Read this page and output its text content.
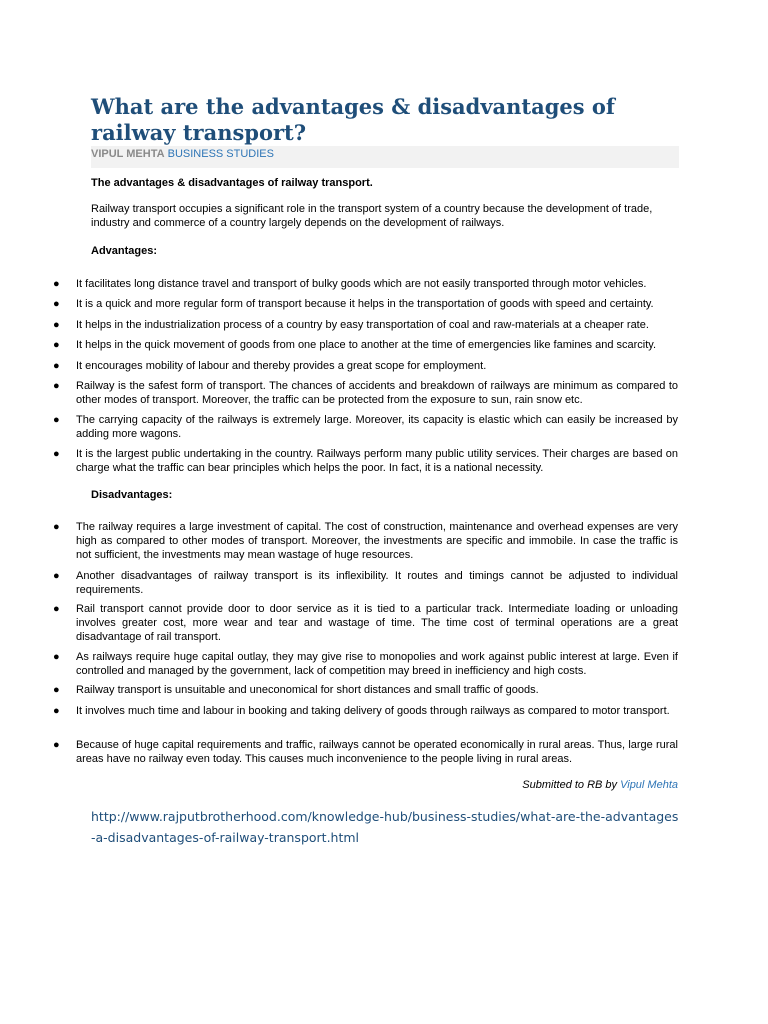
What are the advantages & disadvantages of railway transport?
VIPUL MEHTA BUSINESS STUDIES
The advantages & disadvantages of railway transport.

Railway transport occupies a significant role in the transport system of a country because the development of trade, industry and commerce of a country largely depends on the development of railways.

Advantages:
● It facilitates long distance travel and transport of bulky goods which are not easily transported through motor vehicles.
● It is a quick and more regular form of transport because it helps in the transportation of goods with speed and certainty.
● It helps in the industrialization process of a country by easy transportation of coal and raw-materials at a cheaper rate.
● It helps in the quick movement of goods from one place to another at the time of emergencies like famines and scarcity.
● It encourages mobility of labour and thereby provides a great scope for employment.
● Railway is the safest form of transport. The chances of accidents and breakdown of railways are minimum as compared to other modes of transport. Moreover, the traffic can be protected from the exposure to sun, rain snow etc.
● The carrying capacity of the railways is extremely large. Moreover, its capacity is elastic which can easily be increased by adding more wagons.
● It is the largest public undertaking in the country. Railways perform many public utility services. Their charges are based on charge what the traffic can bear principles which helps the poor. In fact, it is a national necessity.
Disadvantages:
● The railway requires a large investment of capital. The cost of construction, maintenance and overhead expenses are very high as compared to other modes of transport. Moreover, the investments are specific and immobile. In case the traffic is not sufficient, the investments may mean wastage of huge resources.
● Another disadvantages of railway transport is its inflexibility. It routes and timings cannot be adjusted to individual requirements.
● Rail transport cannot provide door to door service as it is tied to a particular track. Intermediate loading or unloading involves greater cost, more wear and tear and wastage of time. The time cost of terminal operations are a great disadvantage of rail transport.
● As railways require huge capital outlay, they may give rise to monopolies and work against public interest at large. Even if controlled and managed by the government, lack of competition may breed in inefficiency and high costs.
● Railway transport is unsuitable and uneconomical for short distances and small traffic of goods.
● It involves much time and labour in booking and taking delivery of goods through railways as compared to motor transport.
● Because of huge capital requirements and traffic, railways cannot be operated economically in rural areas. Thus, large rural areas have no railway even today. This causes much inconvenience to the people living in rural areas.
Submitted to RB by Vipul Mehta
http://www.rajputbrotherhood.com/knowledge-hub/business-studies/what-are-the-advantages-a-disadvantages-of-railway-transport.html
